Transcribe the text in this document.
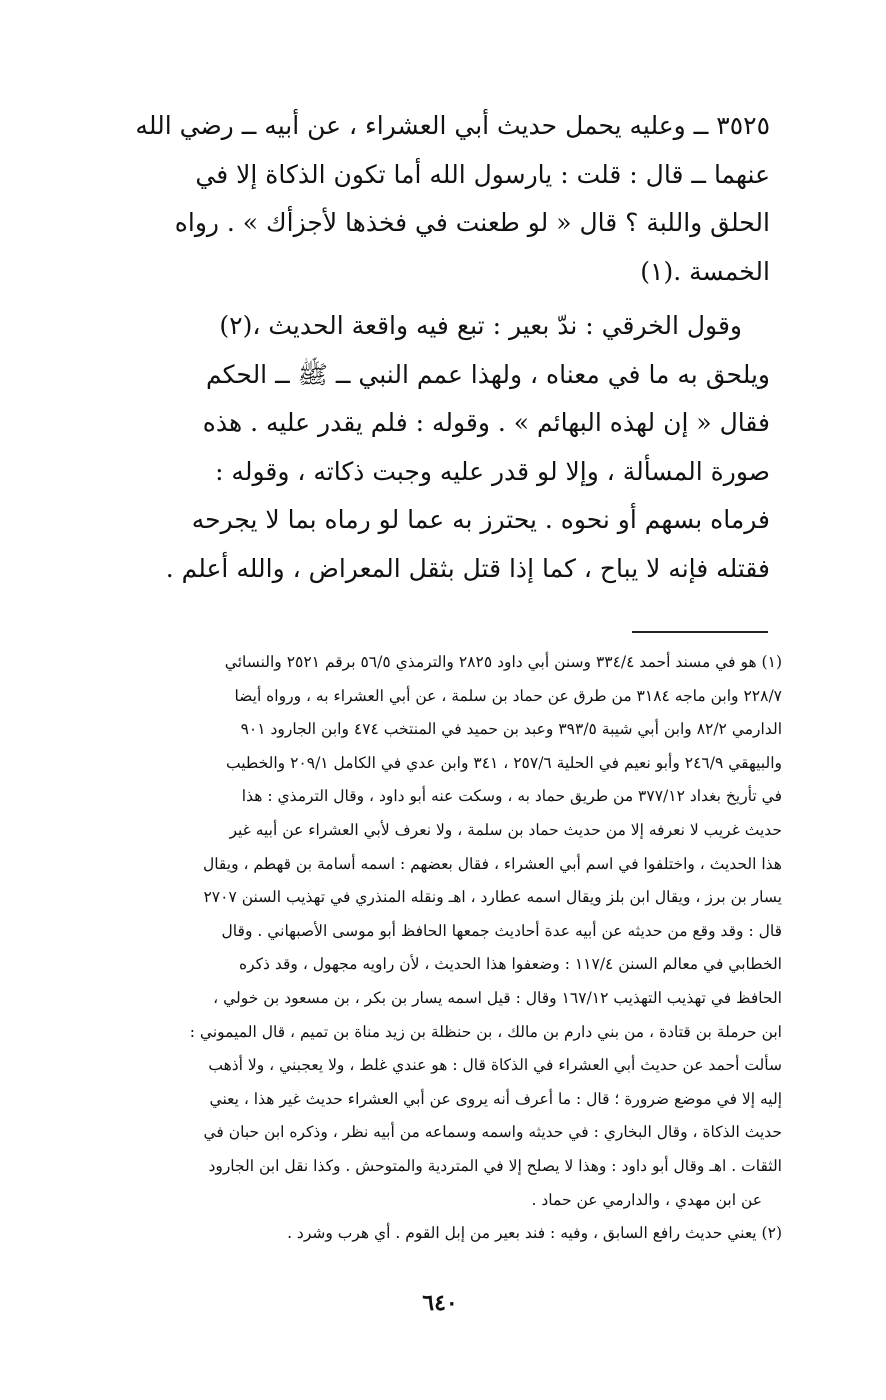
٣٥٢٥ ــ وعليه يحمل حديث أبي العشراء ، عن أبيه ــ رضي الله
عنهما ــ قال : قلت : يارسول الله أما تكون الذكاة إلا في
الحلق واللبة ؟ قال « لو طعنت في فخذها لأجزأك » . رواه
الخمسة .(١)
وقول الخرقي : ندّ بعير : تبع فيه واقعة الحديث ،(٢)
ويلحق به ما في معناه ، ولهذا عمم النبي ــ ﷺ ــ الحكم
فقال « إن لهذه البهائم » . وقوله : فلم يقدر عليه . هذه
صورة المسألة ، وإلا لو قدر عليه وجبت ذكاته ، وقوله :
فرماه بسهم أو نحوه . يحترز به عما لو رماه بما لا يجرحه
فقتله فإنه لا يباح ، كما إذا قتل بثقل المعراض ، والله أعلم .
(١) هو في مسند أحمد ٣٣٤/٤ وسنن أبي داود ٢٨٢٥ والترمذي ٥٦/٥ برقم ٢٥٢١ والنسائي
٢٢٨/٧ وابن ماجه ٣١٨٤ من طرق عن حماد بن سلمة ، عن أبي العشراء به ، ورواه أيضا
الدارمي ٨٢/٢ وابن أبي شيبة ٣٩٣/٥ وعبد بن حميد في المنتخب ٤٧٤ وابن الجارود ٩٠١
والبيهقي ٢٤٦/٩ وأبو نعيم في الحلية ٢٥٧/٦ ، ٣٤١ وابن عدي في الكامل ٢٠٩/١ والخطيب
في تأريخ بغداد ٣٧٧/١٢ من طريق حماد به ، وسكت عنه أبو داود ، وقال الترمذي : هذا
حديث غريب لا نعرفه إلا من حديث حماد بن سلمة ، ولا نعرف لأبي العشراء عن أبيه غير
هذا الحديث ، واختلفوا في اسم أبي العشراء ، فقال بعضهم : اسمه أسامة بن قهطم ، ويقال
يسار بن برز ، ويقال ابن بلز ويقال اسمه عطارد ، اهـ ونقله المنذري في تهذيب السنن ٢٧٠٧
قال : وقد وقع من حديثه عن أبيه عدة أحاديث جمعها الحافظ أبو موسى الأصبهاني . وقال
الخطابي في معالم السنن ١١٧/٤ : وضعفوا هذا الحديث ، لأن راويه مجهول ، وقد ذكره
الحافظ في تهذيب التهذيب ١٦٧/١٢ وقال : قيل اسمه يسار بن بكر ، بن مسعود بن خولي ،
ابن حرملة بن قتادة ، من بني دارم بن مالك ، بن حنظلة بن زيد مناة بن تميم ، قال الميموني :
سألت أحمد عن حديث أبي العشراء في الذكاة قال : هو عندي غلط ، ولا يعجبني ، ولا أذهب
إليه إلا في موضع ضرورة ؛ قال : ما أعرف أنه يروى عن أبي العشراء حديث غير هذا ، يعني
حديث الذكاة ، وقال البخاري : في حديثه واسمه وسماعه من أبيه نظر ، وذكره ابن حبان في
الثقات . اهـ وقال أبو داود : وهذا لا يصلح إلا في المتردية والمتوحش . وكذا نقل ابن الجارود
عن ابن مهدي ، والدارمي عن حماد .
(٢) يعني حديث رافع السابق ، وفيه : فند بعير من إبل القوم . أي هرب وشرد .
٦٤٠
